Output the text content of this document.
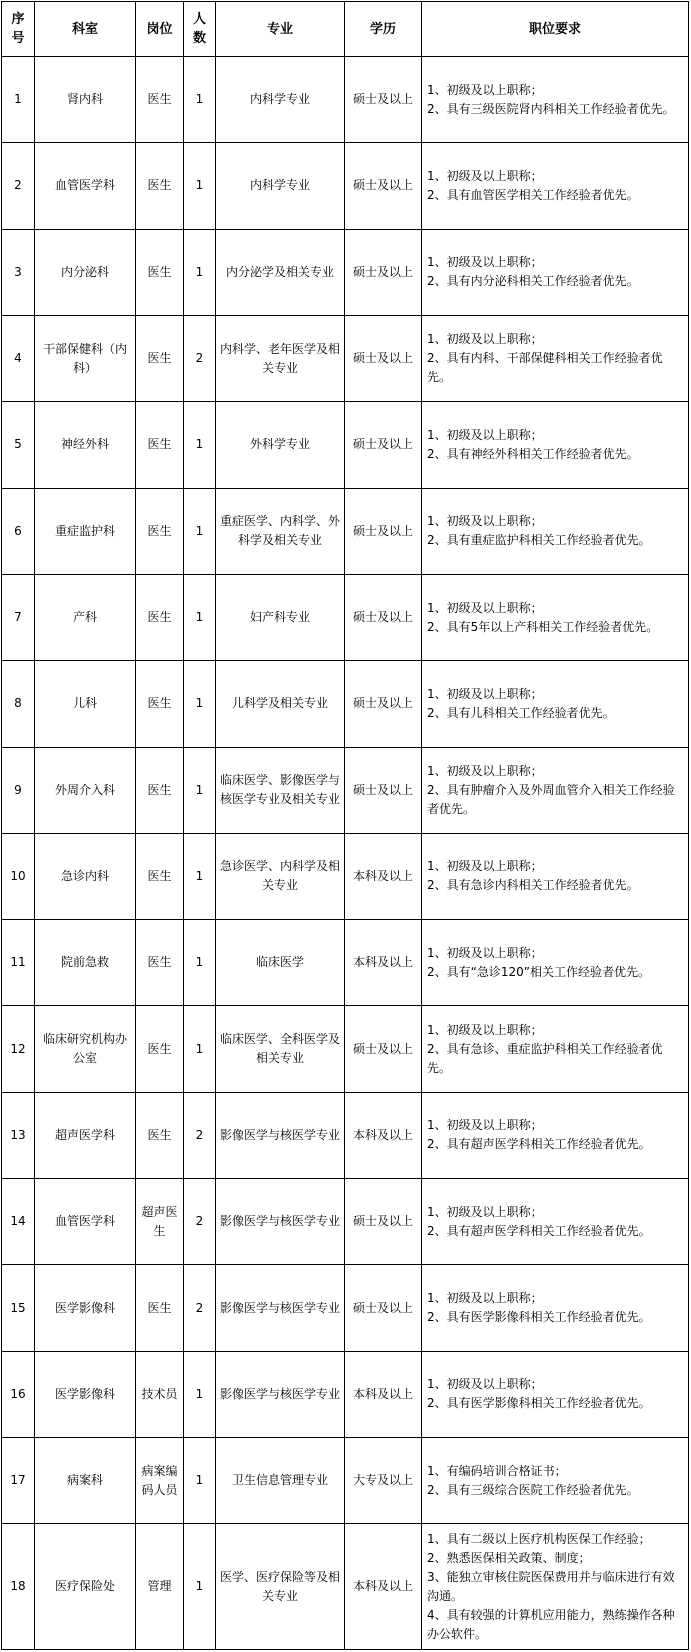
序号	科室	岗位	人数	专业	学历	职位要求
1	肾内科	医生	1	内科学专业	硕士及以上	1、初级及以上职称；
2、具有三级医院肾内科相关工作经验者优先。

2	血管医学科	医生	1	内科学专业	硕士及以上	1、初级及以上职称；
2、具有血管医学相关工作经验者优先。

3	内分泌科	医生	1	内分泌学及相关专业	硕士及以上	1、初级及以上职称；
2、具有内分泌科相关工作经验者优先。

4	干部保健科（内科）	医生	2	内科学、老年医学及相关专业	硕士及以上	1、初级及以上职称；
2、具有内科、干部保健科相关工作经验者优先。

5	神经外科	医生	1	外科学专业	硕士及以上	1、初级及以上职称；
2、具有神经外科相关工作经验者优先。

6	重症监护科	医生	1	重症医学、内科学、外科学及相关专业	硕士及以上	1、初级及以上职称；
2、具有重症监护科相关工作经验者优先。

7	产科	医生	1	妇产科专业	硕士及以上	1、初级及以上职称；
2、具有5年以上产科相关工作经验者优先。

8	儿科	医生	1	儿科学及相关专业	硕士及以上	1、初级及以上职称；
2、具有儿科相关工作经验者优先。

9	外周介入科	医生	1	临床医学、影像医学与核医学专业及相关专业	硕士及以上	1、初级及以上职称；
2、具有肿瘤介入及外周血管介入相关工作经验者优先。

10	急诊内科	医生	1	急诊医学、内科学及相关专业	本科及以上	1、初级及以上职称；
2、具有急诊内科相关工作经验者优先。

11	院前急救	医生	1	临床医学	本科及以上	1、初级及以上职称；
2、具有“急诊120”相关工作经验者优先。

12	临床研究机构办公室	医生	1	临床医学、全科医学及相关专业	硕士及以上	1、初级及以上职称；
2、具有急诊、重症监护科相关工作经验者优先。

13	超声医学科	医生	2	影像医学与核医学专业	本科及以上	1、初级及以上职称；
2、具有超声医学科相关工作经验者优先。

14	血管医学科	超声医生	2	影像医学与核医学专业	硕士及以上	1、初级及以上职称；
2、具有超声医学科相关工作经验者优先。

15	医学影像科	医生	2	影像医学与核医学专业	硕士及以上	1、初级及以上职称；
2、具有医学影像科相关工作经验者优先。

16	医学影像科	技术员	1	影像医学与核医学专业	本科及以上	1、初级及以上职称；
2、具有医学影像科相关工作经验者优先。

17	病案科	病案编码人员	1	卫生信息管理专业	大专及以上	1、有编码培训合格证书；
2、具有三级综合医院工作经验者优先。

18	医疗保险处	管理	1	医学、医疗保险等及相关专业	本科及以上	1、具有二级以上医疗机构医保工作经验；
2、熟悉医保相关政策、制度；
3、能独立审核住院医保费用并与临床进行有效沟通。
4、具有较强的计算机应用能力，熟练操作各种办公软件。
